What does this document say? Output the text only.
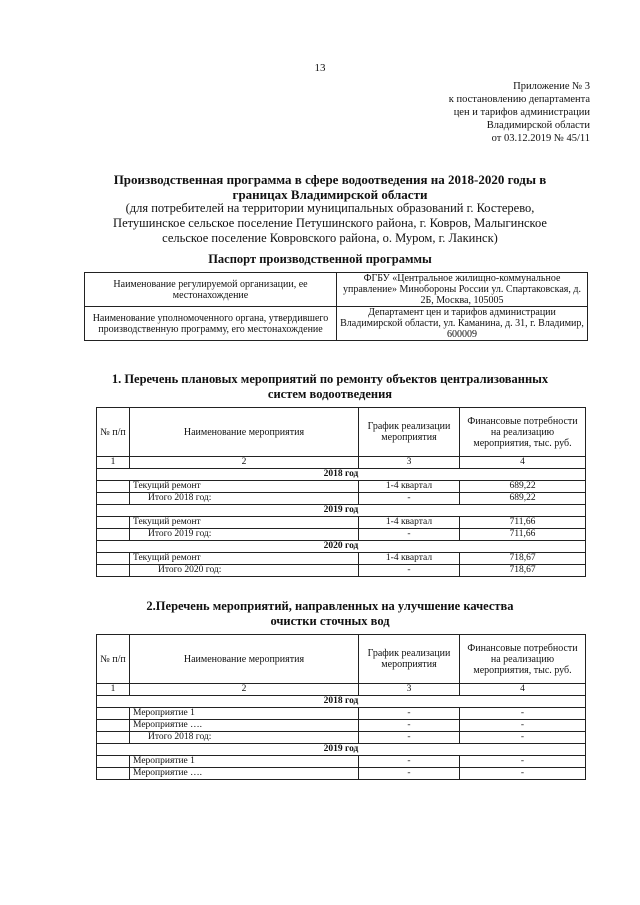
13
Приложение № 3
к постановлению департамента
цен и тарифов администрации
Владимирской области
от 03.12.2019 № 45/11
Производственная программа в сфере водоотведения на 2018-2020 годы в
границах Владимирской области
(для потребителей на территории муниципальных образований г. Костерево,
Петушинское сельское поселение Петушинского района, г. Ковров, Малыгинское
сельское поселение Ковровского района, о. Муром, г. Лакинск)
Паспорт производственной программы
Наименование регулируемой организации, ее местонахождение	ФГБУ «Центральное жилищно-коммунальное управление» Минобороны России ул. Спартаковская, д. 2Б, Москва, 105005
Наименование уполномоченного органа, утвердившего производственную программу, его местонахождение	Департамент цен и тарифов администрации Владимирской области, ул. Каманина, д. 31, г. Владимир, 600009
1. Перечень плановых мероприятий по ремонту объектов централизованных
систем водоотведения
№ п/п	Наименование мероприятия	График реализации мероприятия	Финансовые потребности на реализацию мероприятия, тыс. руб.
1	2	3	4
2018 год			
	Текущий ремонт	1-4 квартал	689,22
	Итого 2018 год:	-	689,22
2019 год			
	Текущий ремонт	1-4 квартал	711,66
	Итого 2019 год:	-	711,66
2020 год			
	Текущий ремонт	1-4 квартал	718,67
	Итого 2020 год:	-	718,67
2.Перечень мероприятий, направленных на улучшение качества
очистки сточных вод
№ п/п	Наименование мероприятия	График реализации мероприятия	Финансовые потребности на реализацию мероприятия, тыс. руб.
1	2	3	4
2018 год			
	Мероприятие 1	-	-
	Мероприятие ….	-	-
	Итого 2018 год:	-	-
2019 год			
	Мероприятие 1	-	-
	Мероприятие ….	-	-
